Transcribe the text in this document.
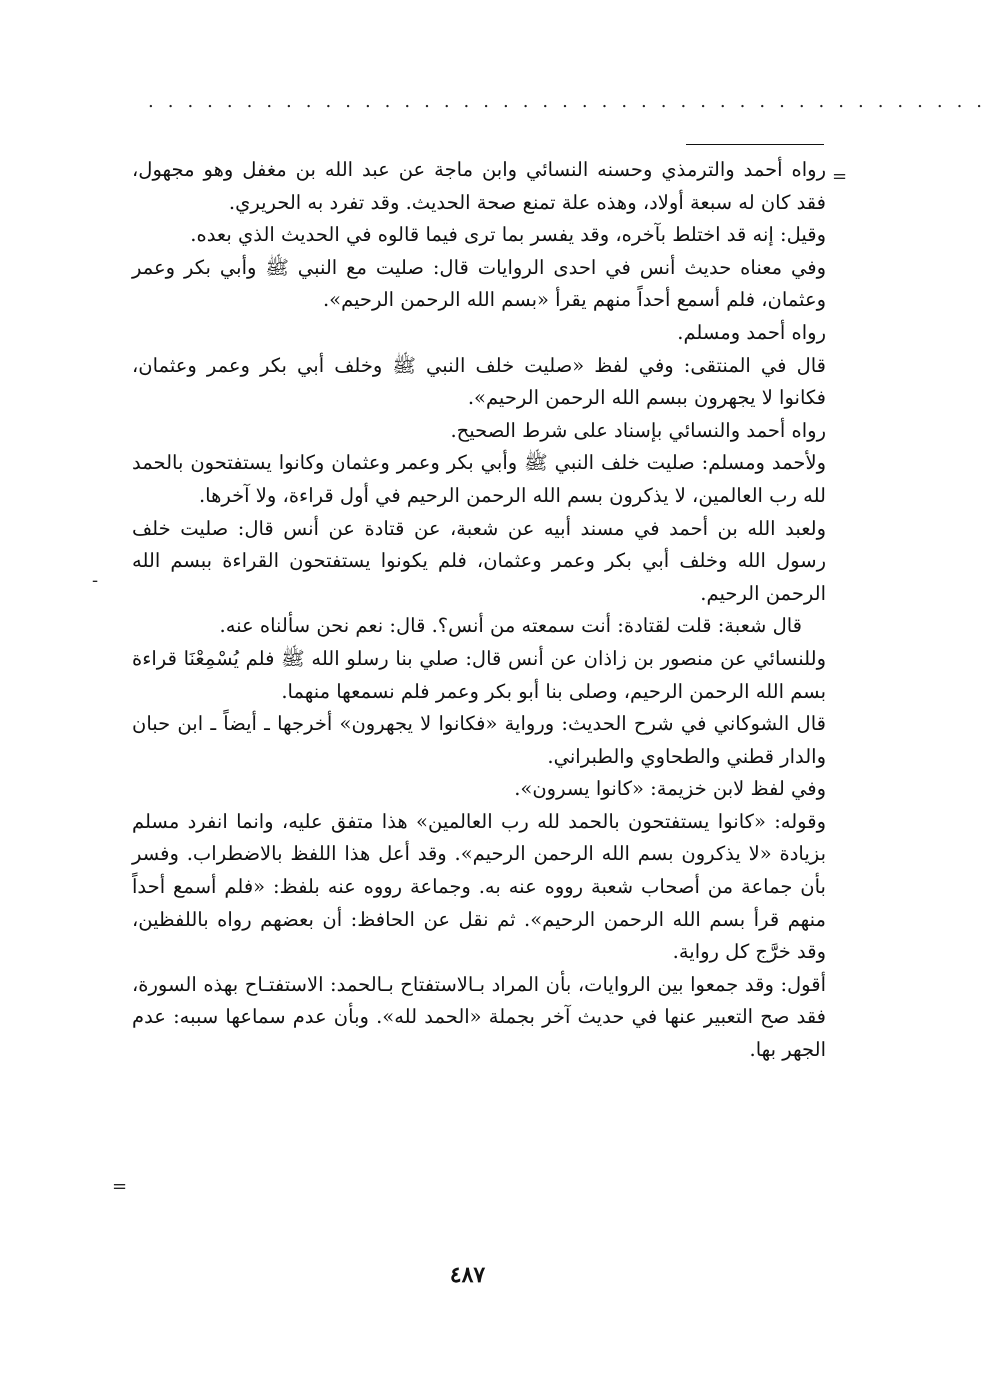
...........................................
=
-
=

رواه أحمد والترمذي وحسنه النسائي وابن ماجة عن عبد الله بن مغفل وهو مجهول، فقد كان له سبعة أولاد، وهذه علة تمنع صحة الحديث. وقد تفرد به الحريري.

وقيل: إنه قد اختلط بآخره، وقد يفسر بما ترى فيما قالوه في الحديث الذي بعده.

وفي معناه حديث أنس في احدى الروايات قال: صليت مع النبي ﷺ وأبي بكر وعمر وعثمان، فلم أسمع أحداً منهم يقرأ «بسم الله الرحمن الرحيم».

رواه أحمد ومسلم.

قال في المنتقى: وفي لفظ «صليت خلف النبي ﷺ وخلف أبي بكر وعمر وعثمان، فكانوا لا يجهرون ببسم الله الرحمن الرحيم».

رواه أحمد والنسائي بإسناد على شرط الصحيح.

ولأحمد ومسلم: صليت خلف النبي ﷺ وأبي بكر وعمر وعثمان وكانوا يستفتحون بالحمد لله رب العالمين، لا يذكرون بسم الله الرحمن الرحيم في أول قراءة، ولا آخرها.

ولعبد الله بن أحمد في مسند أبيه عن شعبة، عن قتادة عن أنس قال: صليت خلف رسول الله وخلف أبي بكر وعمر وعثمان، فلم يكونوا يستفتحون القراءة ببسم الله الرحمن الرحيم.

قال شعبة: قلت لقتادة: أنت سمعته من أنس؟. قال: نعم نحن سألناه عنه.

وللنسائي عن منصور بن زاذان عن أنس قال: صلي بنا رسلو الله ﷺ فلم يُسْمِعْنَا قراءة بسم الله الرحمن الرحيم، وصلى بنا أبو بكر وعمر فلم نسمعها منهما.

قال الشوكاني في شرح الحديث: ورواية «فكانوا لا يجهرون» أخرجها ـ أيضاً ـ ابن حبان والدار قطني والطحاوي والطبراني.

وفي لفظ لابن خزيمة: «كانوا يسرون».

وقوله: «كانوا يستفتحون بالحمد لله رب العالمين» هذا متفق عليه، وانما انفرد مسلم بزيادة «لا يذكرون بسم الله الرحمن الرحيم». وقد أعل هذا اللفظ بالاضطراب. وفسر بأن جماعة من أصحاب شعبة رووه عنه به. وجماعة رووه عنه بلفظ: «فلم أسمع أحداً منهم قرأ بسم الله الرحمن الرحيم». ثم نقل عن الحافظ: أن بعضهم رواه باللفظين، وقد خرَّج كل رواية.

أقول: وقد جمعوا بين الروايات، بأن المراد بـالاستفتاح بـالحمد: الاستفتـاح بهذه السورة، فقد صح التعبير عنها في حديث آخر بجملة «الحمد لله». وبأن عدم سماعها سببه: عدم الجهر بها.

٤٨٧
